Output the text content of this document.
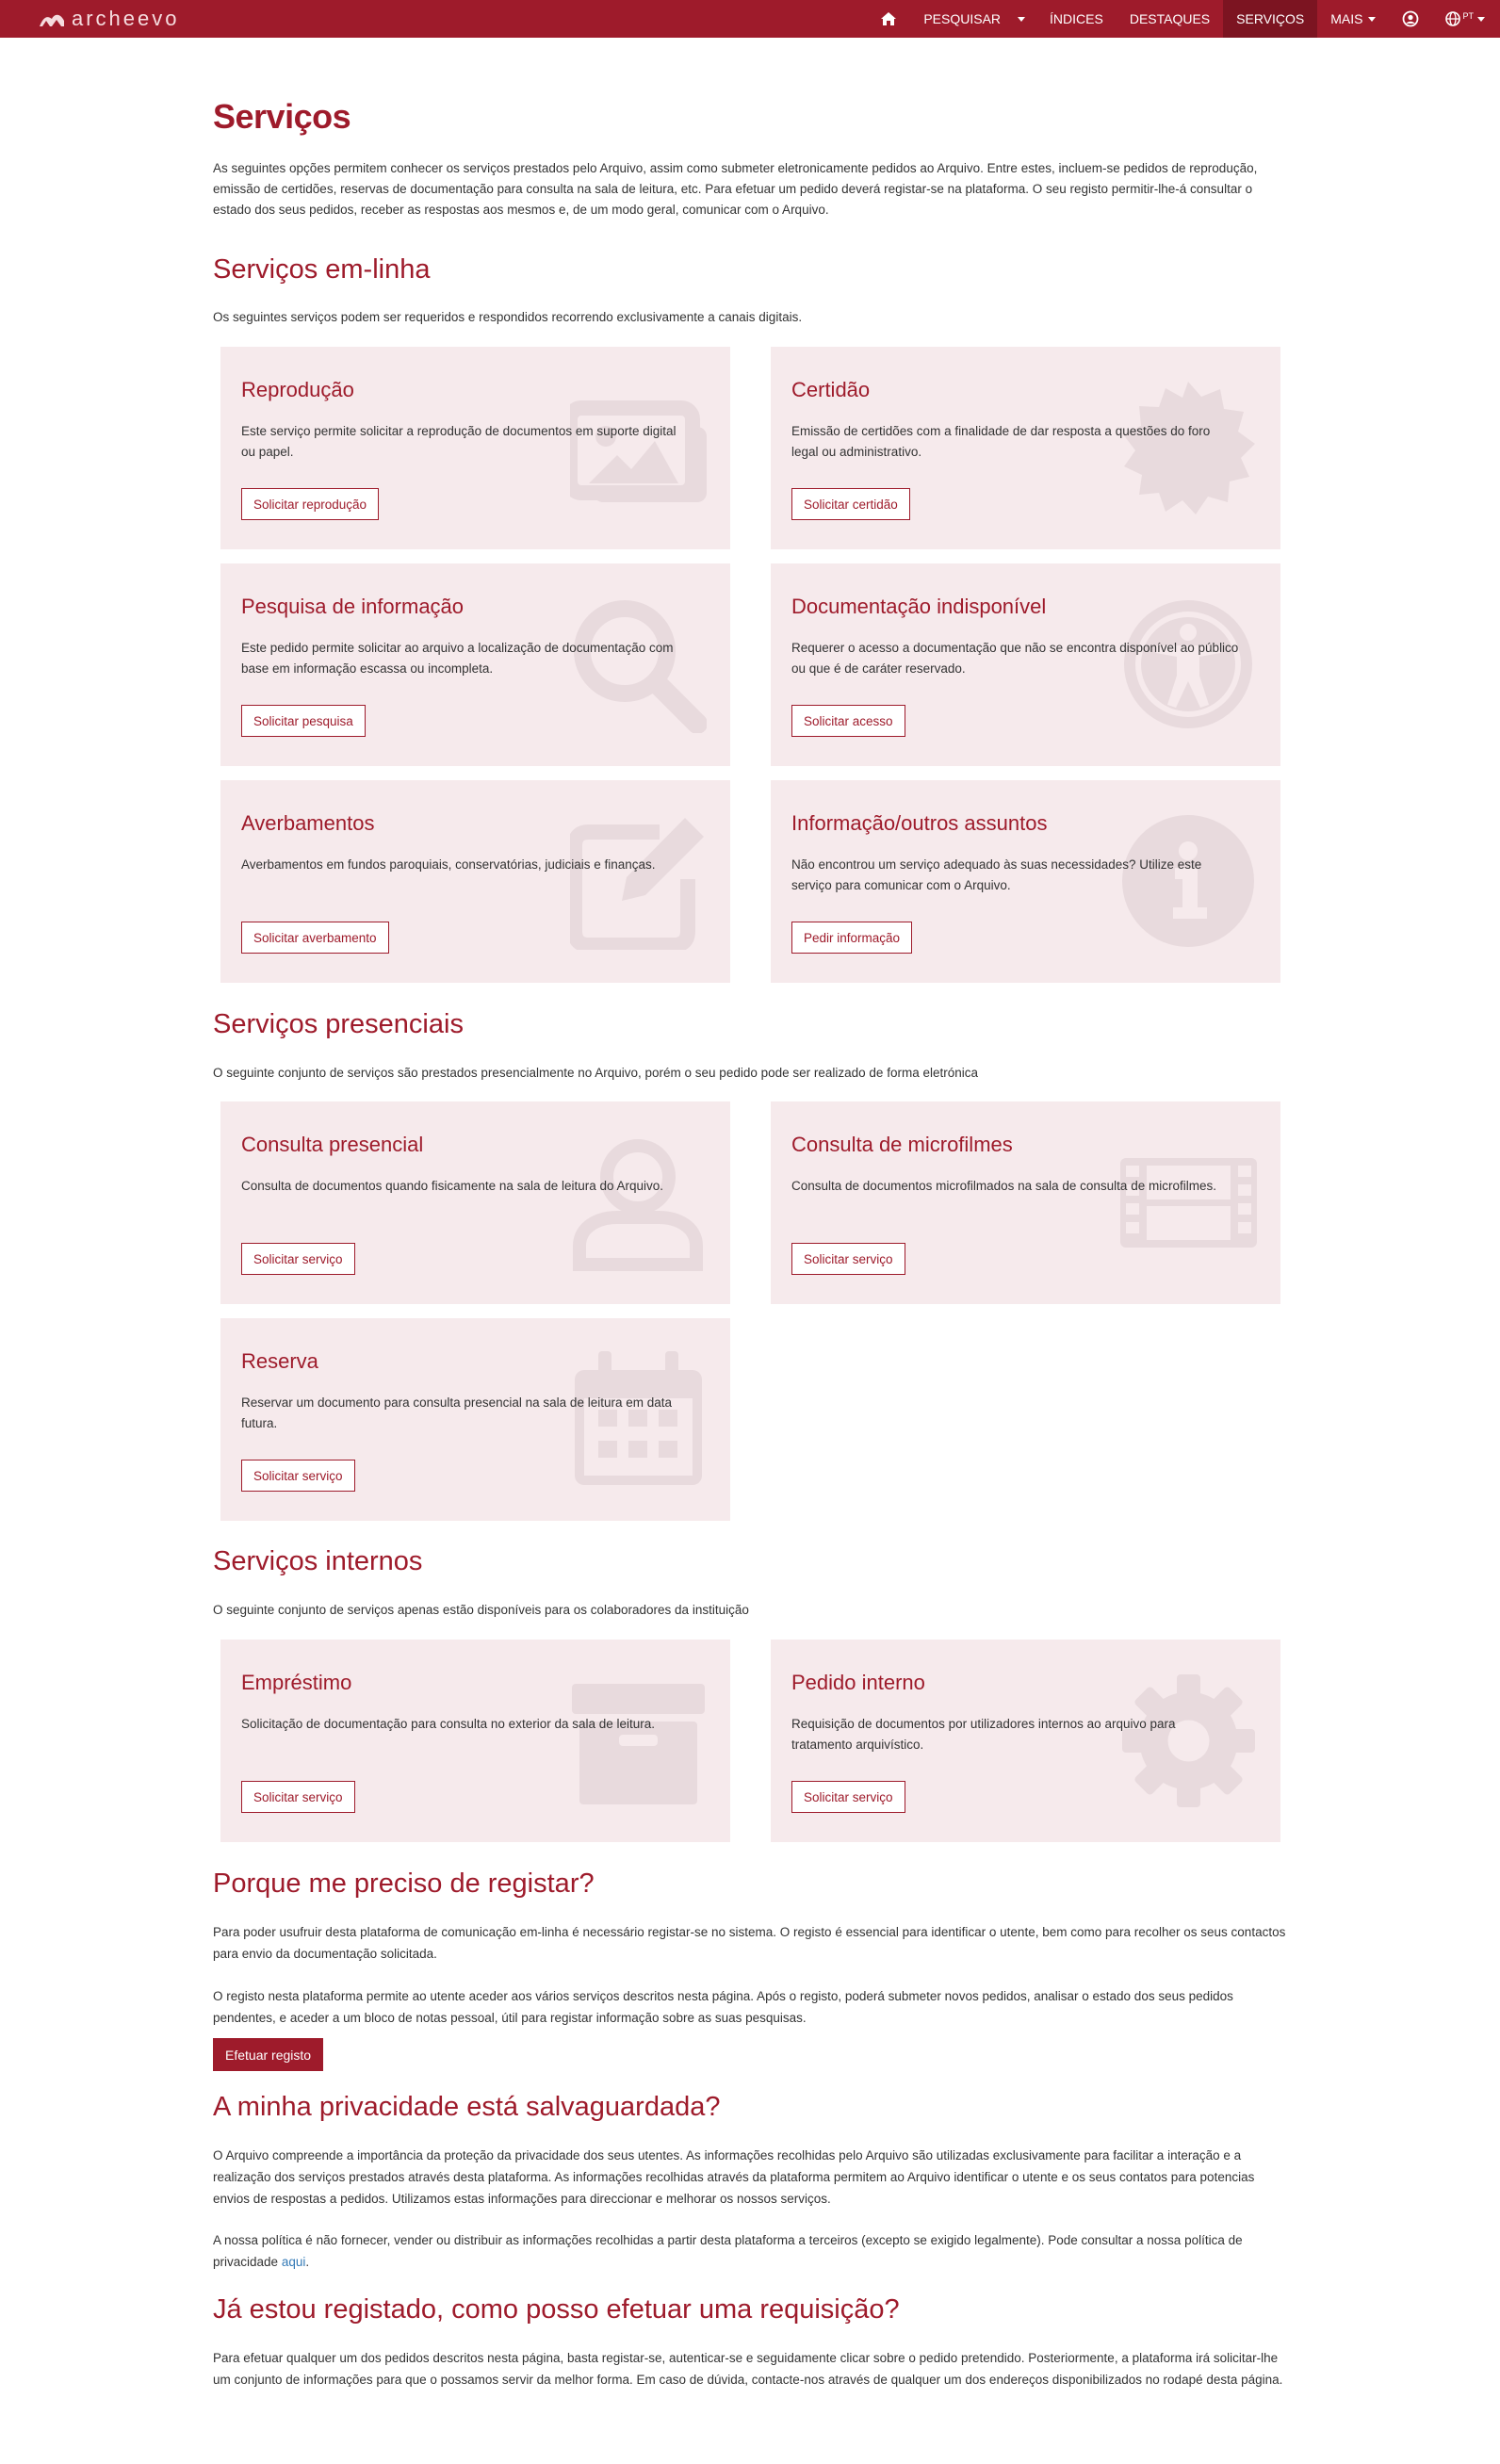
archeevo	PESQUISAR	ÍNDICES DESTAQUES SERVIÇOS MAIS	PT
Serviços

As seguintes opções permitem conhecer os serviços prestados pelo Arquivo, assim como submeter eletronicamente pedidos ao Arquivo. Entre estes, incluem-se pedidos de reprodução, emissão de certidões, reservas de documentação para consulta na sala de leitura, etc. Para efetuar um pedido deverá registar-se na plataforma. O seu registo permitir-lhe-á consultar o estado dos seus pedidos, receber as respostas aos mesmos e, de um modo geral, comunicar com o Arquivo.

Serviços em-linha

Os seguintes serviços podem ser requeridos e respondidos recorrendo exclusivamente a canais digitais.

Reprodução
Este serviço permite solicitar a reprodução de documentos em suporte digital ou papel.
Solicitar reprodução
Certidão
Emissão de certidões com a finalidade de dar resposta a questões do foro legal ou administrativo.
Solicitar certidão
Pesquisa de informação
Este pedido permite solicitar ao arquivo a localização de documentação com base em informação escassa ou incompleta.
Solicitar pesquisa
Documentação indisponível
Requerer o acesso a documentação que não se encontra disponível ao público ou que é de caráter reservado.
Solicitar acesso
Averbamentos
Averbamentos em fundos paroquiais, conservatórias, judiciais e finanças.
Solicitar averbamento
Informação/outros assuntos
Não encontrou um serviço adequado às suas necessidades? Utilize este serviço para comunicar com o Arquivo.
Pedir informação
Serviços presenciais

O seguinte conjunto de serviços são prestados presencialmente no Arquivo, porém o seu pedido pode ser realizado de forma eletrónica

Consulta presencial
Consulta de documentos quando fisicamente na sala de leitura do Arquivo.
Solicitar serviço
Consulta de microfilmes
Consulta de documentos microfilmados na sala de consulta de microfilmes.
Solicitar serviço
Reserva
Reservar um documento para consulta presencial na sala de leitura em data futura.
Solicitar serviço
Serviços internos

O seguinte conjunto de serviços apenas estão disponíveis para os colaboradores da instituição

Empréstimo
Solicitação de documentação para consulta no exterior da sala de leitura.
Solicitar serviço
Pedido interno
Requisição de documentos por utilizadores internos ao arquivo para tratamento arquivístico.
Solicitar serviço
Porque me preciso de registar?

Para poder usufruir desta plataforma de comunicação em-linha é necessário registar-se no sistema. O registo é essencial para identificar o utente, bem como para recolher os seus contactos para envio da documentação solicitada.

O registo nesta plataforma permite ao utente aceder aos vários serviços descritos nesta página. Após o registo, poderá submeter novos pedidos, analisar o estado dos seus pedidos pendentes, e aceder a um bloco de notas pessoal, útil para registar informação sobre as suas pesquisas.

Efetuar registo
A minha privacidade está salvaguardada?

O Arquivo compreende a importância da proteção da privacidade dos seus utentes. As informações recolhidas pelo Arquivo são utilizadas exclusivamente para facilitar a interação e a realização dos serviços prestados através desta plataforma. As informações recolhidas através da plataforma permitem ao Arquivo identificar o utente e os seus contatos para potencias envios de respostas a pedidos. Utilizamos estas informações para direccionar e melhorar os nossos serviços.

A nossa política é não fornecer, vender ou distribuir as informações recolhidas a partir desta plataforma a terceiros (excepto se exigido legalmente). Pode consultar a nossa política de privacidade aqui.

Já estou registado, como posso efetuar uma requisição?

Para efetuar qualquer um dos pedidos descritos nesta página, basta registar-se, autenticar-se e seguidamente clicar sobre o pedido pretendido. Posteriormente, a plataforma irá solicitar-lhe um conjunto de informações para que o possamos servir da melhor forma. Em caso de dúvida, contacte-nos através de qualquer um dos endereços disponibilizados no rodapé desta página.
